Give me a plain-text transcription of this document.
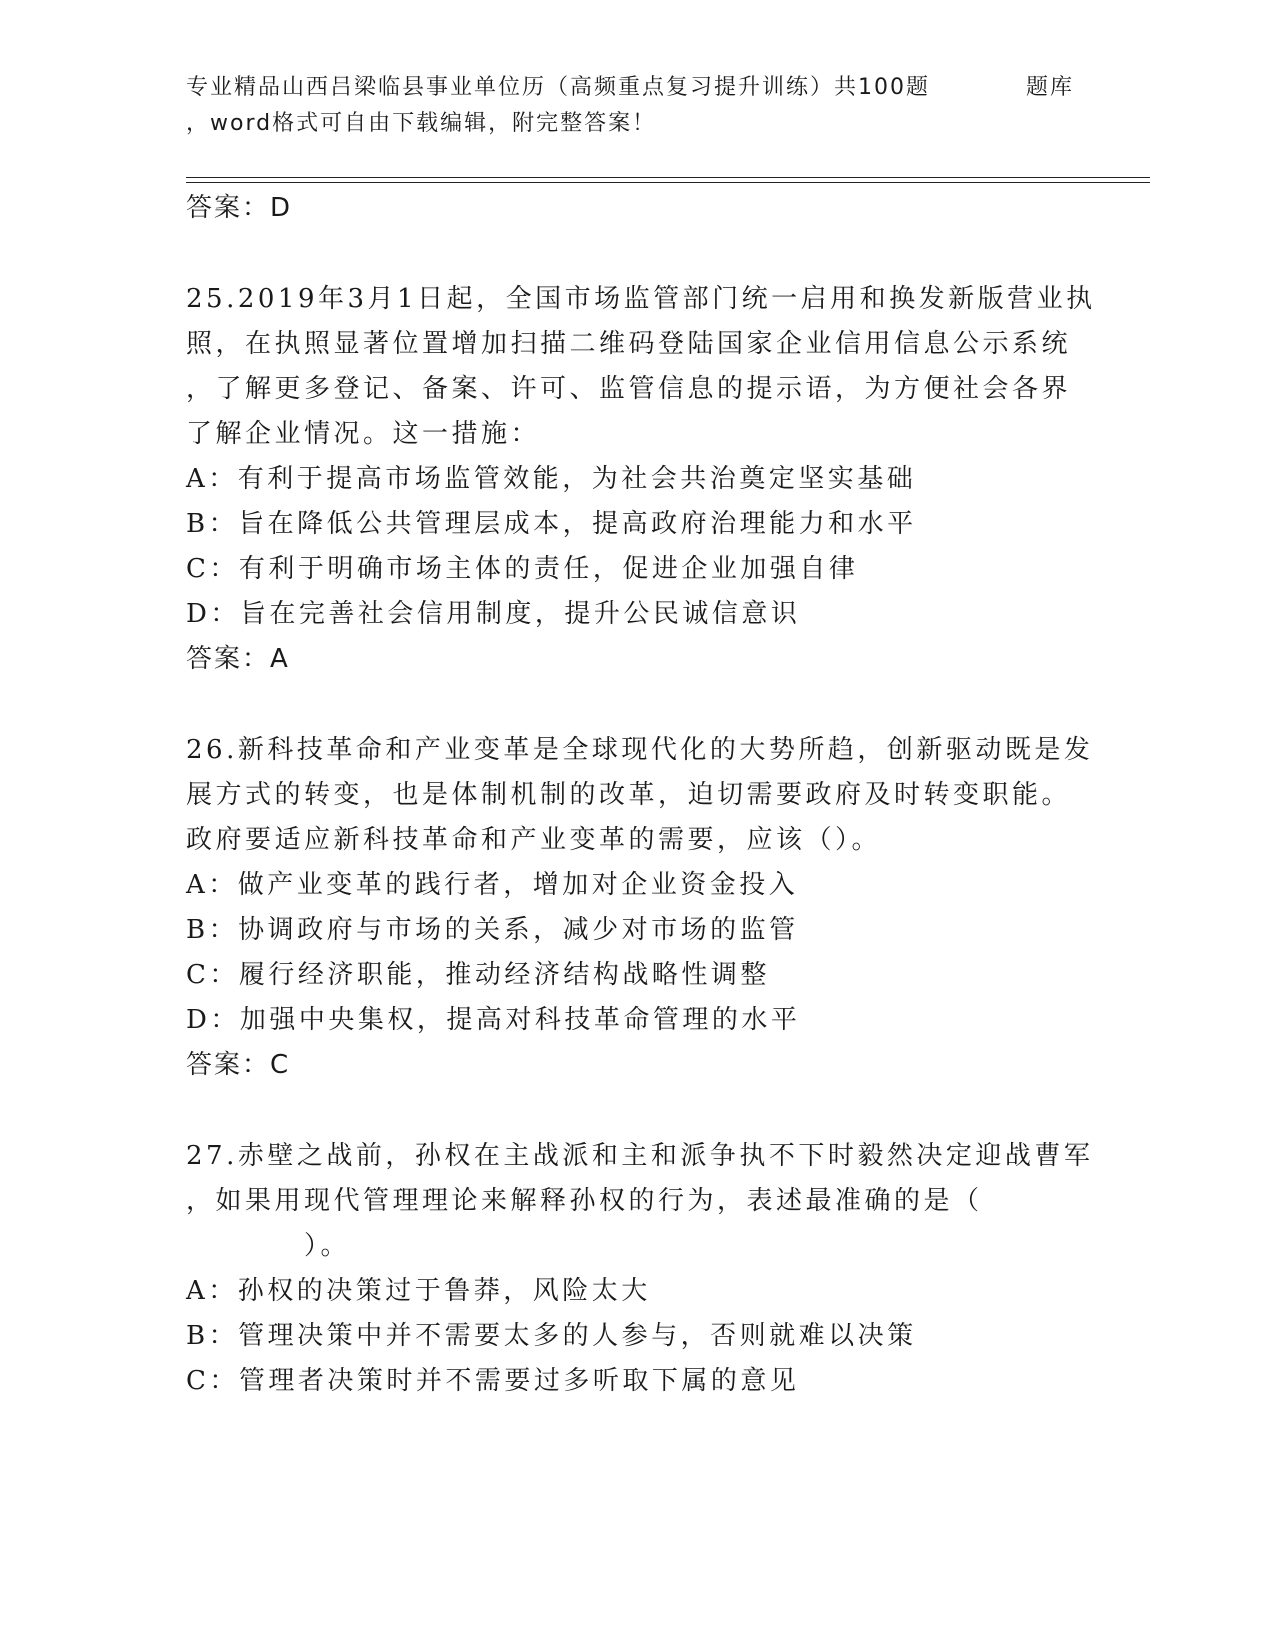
专业精品山西吕梁临县事业单位历（高频重点复习提升训练）共100题	题库
，word格式可自由下载编辑，附完整答案！
答案：D
25.2019年3月1日起，全国市场监管部门统一启用和换发新版营业执
照，在执照显著位置增加扫描二维码登陆国家企业信用信息公示系统
，了解更多登记、备案、许可、监管信息的提示语，为方便社会各界
了解企业情况。这一措施：
A：有利于提高市场监管效能，为社会共治奠定坚实基础
B：旨在降低公共管理层成本，提高政府治理能力和水平
C：有利于明确市场主体的责任，促进企业加强自律
D：旨在完善社会信用制度，提升公民诚信意识
答案：A
26.新科技革命和产业变革是全球现代化的大势所趋，创新驱动既是发
展方式的转变，也是体制机制的改革，迫切需要政府及时转变职能。
政府要适应新科技革命和产业变革的需要，应该（）。
A：做产业变革的践行者，增加对企业资金投入
B：协调政府与市场的关系，减少对市场的监管
C：履行经济职能，推动经济结构战略性调整
D：加强中央集权，提高对科技革命管理的水平
答案：C
27.赤壁之战前，孙权在主战派和主和派争执不下时毅然决定迎战曹军
，如果用现代管理理论来解释孙权的行为，表述最准确的是（
）。
A：孙权的决策过于鲁莽，风险太大
B：管理决策中并不需要太多的人参与，否则就难以决策
C：管理者决策时并不需要过多听取下属的意见
